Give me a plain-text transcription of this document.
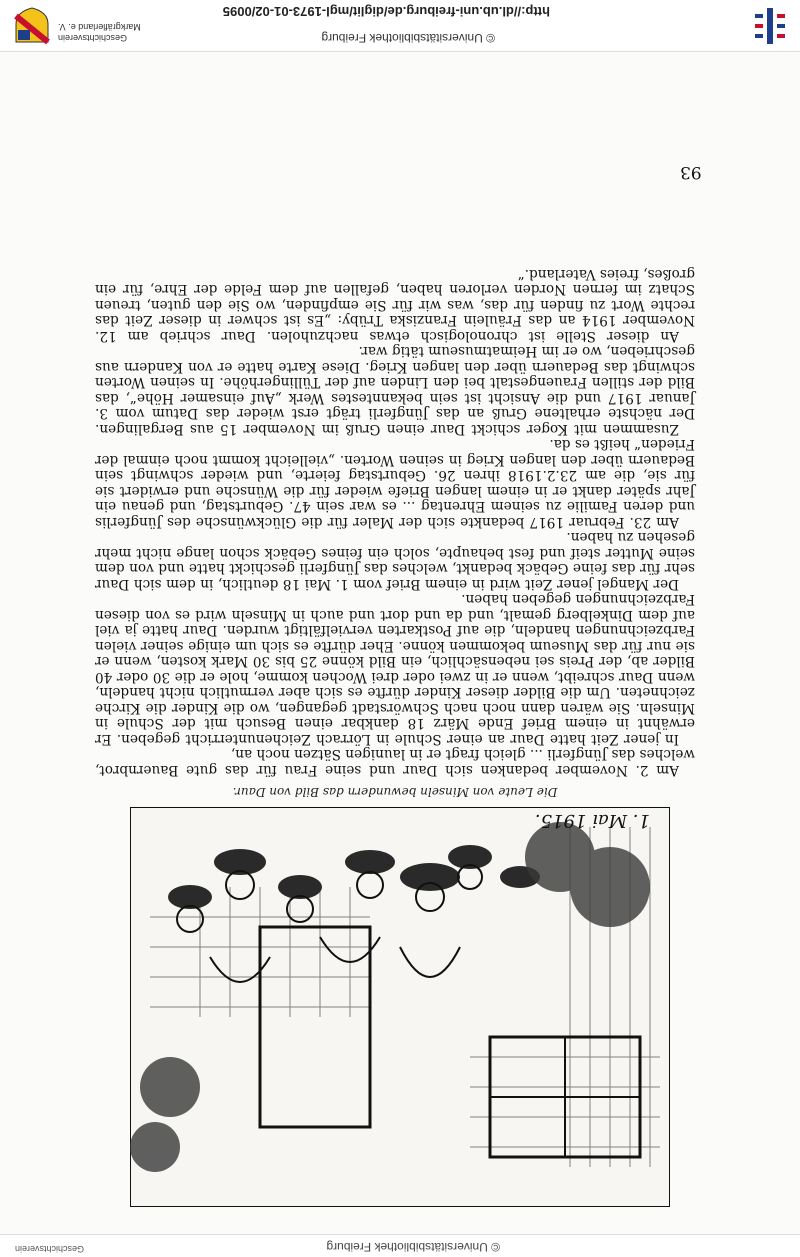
http://dl.ub.uni-freiburg.de/diglit/mgl-1973-01-02/0095
© Universitätsbibliothek Freiburg
Geschichtsverein Markgräflerland e. V.
© Universitätsbibliothek Freiburg
Geschichtsverein
93

Am 2. November bedanken sich Daur und seine Frau für das gute Bauernbrot, welches das Jüngferli ... gleich fragt er in launigen Sätzen noch an,

In jener Zeit hatte Daur an einer Schule in Lörrach Zeichenunterricht gegeben. Er erwähnt in einem Brief Ende März 18 dankbar einen Besuch mit der Schule in Minseln. Sie wären dann noch nach Schwörstadt gegangen, wo die Kinder die Kirche zeichneten. Um die Bilder dieser Kinder dürfte es sich aber vermutlich nicht handeln, wenn Daur schreibt, wenn er in zwei oder drei Wochen komme, hole er die 30 oder 40 Bilder ab, der Preis sei nebensächlich, ein Bild könne 25 bis 30 Mark kosten, wenn er sie nur für das Museum bekommen könne. Eher dürfte es sich um einige seiner vielen Farbzeichnungen handeln, die auf Postkarten vervielfältigt wurden. Daur hatte ja viel auf dem Dinkelberg gemalt, und da und dort und auch in Minseln wird es von diesen Farbzeichnungen gegeben haben.

Der Mangel jener Zeit wird in einem Brief vom 1. Mai 18 deutlich, in dem sich Daur sehr für das feine Gebäck bedankt, welches das Jüngferli geschickt hatte und von dem seine Mutter steif und fest behaupte, solch ein feines Gebäck schon lange nicht mehr gesehen zu haben.

Am 23. Februar 1917 bedankte sich der Maler für die Glückwünsche des Jüngferlis und deren Familie zu seinem Ehrentag ... es war sein 47. Geburtstag, und genau ein Jahr später dankt er in einem langen Briefe wieder für die Wünsche und erwidert sie für sie, die am 23.2.1918 ihren 26. Geburtstag feierte, und wieder schwingt sein Bedauern über den langen Krieg in seinen Worten. „vielleicht kommt noch einmal der Frieden“ heißt es da.

Zusammen mit Koger schickt Daur einen Gruß im November 15 aus Bergalingen. Der nächste erhaltene Gruß an das Jüngferli trägt erst wieder das Datum vom 3. Januar 1917 und die Ansicht ist sein bekanntestes Werk „Auf einsamer Höhe“, das Bild der stillen Frauengestalt bei den Linden auf der Tüllingerhöhe. In seinen Worten schwingt das Bedauern über den langen Krieg. Diese Karte hatte er von Kandern aus geschrieben, wo er im Heimatmuseum tätig war.

An dieser Stelle ist chronologisch etwas nachzuholen. Daur schrieb am 12. November 1914 an das Fräulein Franziska Trüby: „Es ist schwer in dieser Zeit das rechte Wort zu finden für das, was wir für Sie empfinden, wo Sie den guten, treuen Schatz im fernen Norden verloren haben, gefallen auf dem Felde der Ehre, für ein großes, freies Vaterland.“

Die Leute von Minseln bewundern das Bild von Daur.
1. Mai 1915.
